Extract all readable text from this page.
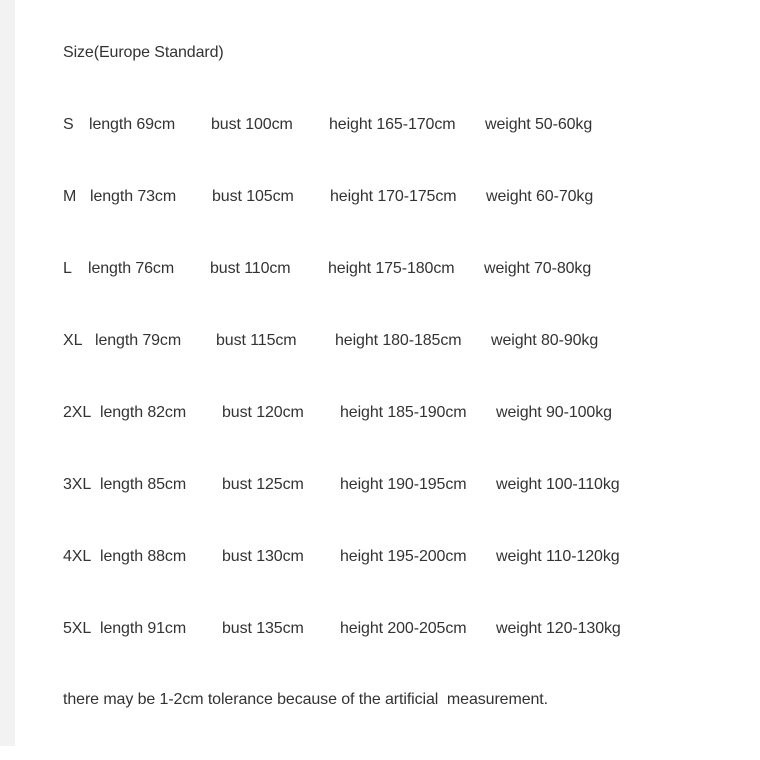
Size(Europe Standard)

S

length 69cm

bust 100cm

height 165-170cm

weight 50-60kg

M

length 73cm

bust 105cm

height 170-175cm

weight 60-70kg

L

length 76cm

bust 110cm

height 175-180cm

weight 70-80kg

XL

length 79cm

bust 115cm

height 180-185cm

weight 80-90kg

2XL

length 82cm

bust 120cm

height 185-190cm

weight 90-100kg

3XL

length 85cm

bust 125cm

height 190-195cm

weight 100-110kg

4XL

length 88cm

bust 130cm

height 195-200cm

weight 110-120kg

5XL

length 91cm

bust 135cm

height 200-205cm

weight 120-130kg

there may be 1-2cm tolerance because of the artificial  measurement.
